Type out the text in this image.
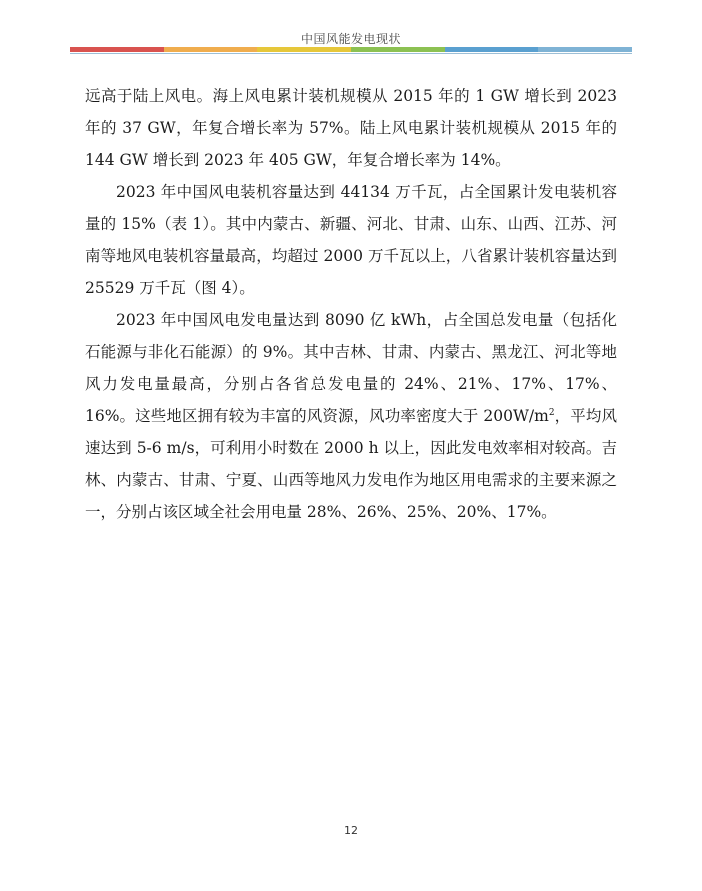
中国风能发电现状

远高于陆上风电。海上风电累计装机规模从 2015 年的 1 GW 增长到 2023 年的 37 GW，年复合增长率为 57%。陆上风电累计装机规模从 2015 年的 144 GW 增长到 2023 年 405 GW，年复合增长率为 14%。

2023 年中国风电装机容量达到 44134 万千瓦，占全国累计发电装机容量的 15%（表 1）。其中内蒙古、新疆、河北、甘肃、山东、山西、江苏、河南等地风电装机容量最高，均超过 2000 万千瓦以上，八省累计装机容量达到 25529 万千瓦（图 4）。

2023 年中国风电发电量达到 8090 亿 kWh，占全国总发电量（包括化石能源与非化石能源）的 9%。其中吉林、甘肃、内蒙古、黑龙江、河北等地风力发电量最高，分别占各省总发电量的 24%、21%、17%、17%、16%。这些地区拥有较为丰富的风资源，风功率密度大于 $200W/m^2$，平均风速达到 5-6 m/s，可利用小时数在 2000 h 以上，因此发电效率相对较高。吉林、内蒙古、甘肃、宁夏、山西等地风力发电作为地区用电需求的主要来源之一，分别占该区域全社会用电量 28%、26%、25%、20%、17%。

12
